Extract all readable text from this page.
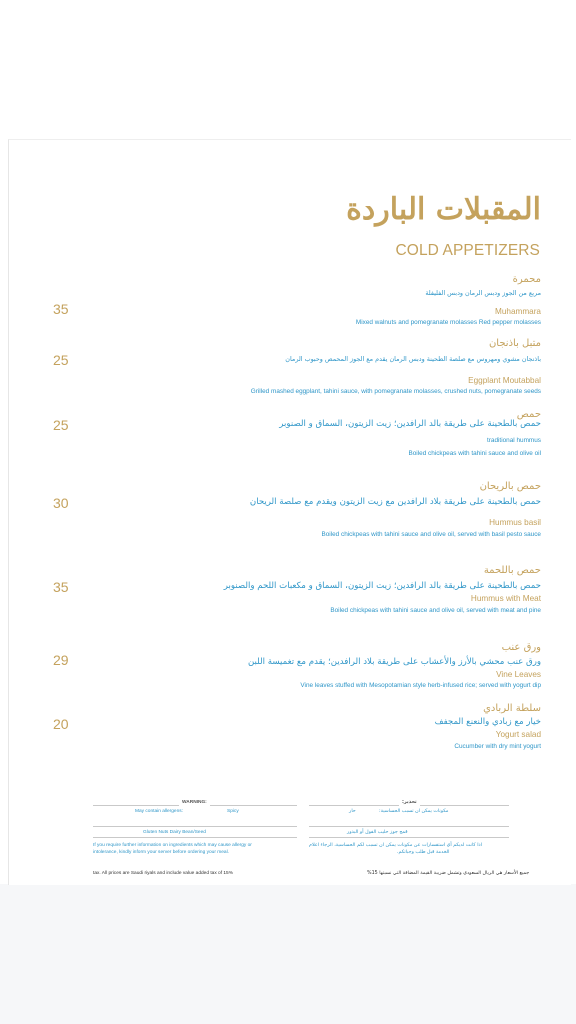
المقبلات الباردة
COLD APPETIZERS
محمرة
مربع من الجوز ودبس الرمان ودبس الفليفلة
35	Muhammara
Mixed walnuts and pomegranate molasses Red pepper molasses
متبل باذنجان
باذنجان مشوي ومهروس مع صلصة الطحينة ودبس الرمان يقدم مع الجوز المحمص وحبوب الرمان
25
Eggplant Moutabbal
Grilled mashed eggplant, tahini sauce, with pomegranate molasses, crushed nuts, pomegranate seeds
حمص
حمص بالطحينة على طريقة بالد الرافدين؛ زيت الزيتون، السماق و الصنوبر
25
traditional hummus
Boiled chickpeas with tahini sauce and olive oil
حمص بالريحان
حمص بالطحينة على طريقة بلاد الرافدين مع زيت الزيتون ويقدم مع صلصة الريحان
30
Hummus basil
Boiled chickpeas with tahini sauce and olive oil, served with basil pesto sauce
حمص باللحمة
حمص بالطحينة على طريقة بالد الرافدين؛ زيت الزيتون، السماق و مكعبات اللحم والصنوبر
35
Hummus with Meat
Boiled chickpeas with tahini sauce and olive oil, served with meat and pine
ورق عنب
ورق عنب محشي بالأرز والأعشاب على طريقة بلاد الرافدين؛ يقدم مع تغميسة اللبن
29
Vine Leaves
Vine leaves stuffed with Mesopotamian style herb-infused rice; served with yogurt dip
سلطة الربادي
خيار مع زبادي والنعنع المجفف
20
Yogurt salad
Cucumber with dry mint yogurt
WARNING:
May contain allergens:	Spicy
Gluten Nuts Dairy Bean/Seed
If you require further information on ingredients which may cause allergy or
intolerance, kindly inform your server before ordering your meal.
تحذير:
مكونات يمكن ان تسبب الحساسية:
حار
قمح جوز حليب الفول أو البذور
اذا كانت لديكم أي استفسارات عن مكونات يمكن ان تسبب لكم الحساسية، الرجاء اعلام
الخدمة قبل طلب وجباتكم.
tax. All prices are Saudi riyals and include value added tax of 15%	جميع الأسعار هي الريال السعودي وتشمل ضريبة القيمة المضافة التي نسبتها 15%
